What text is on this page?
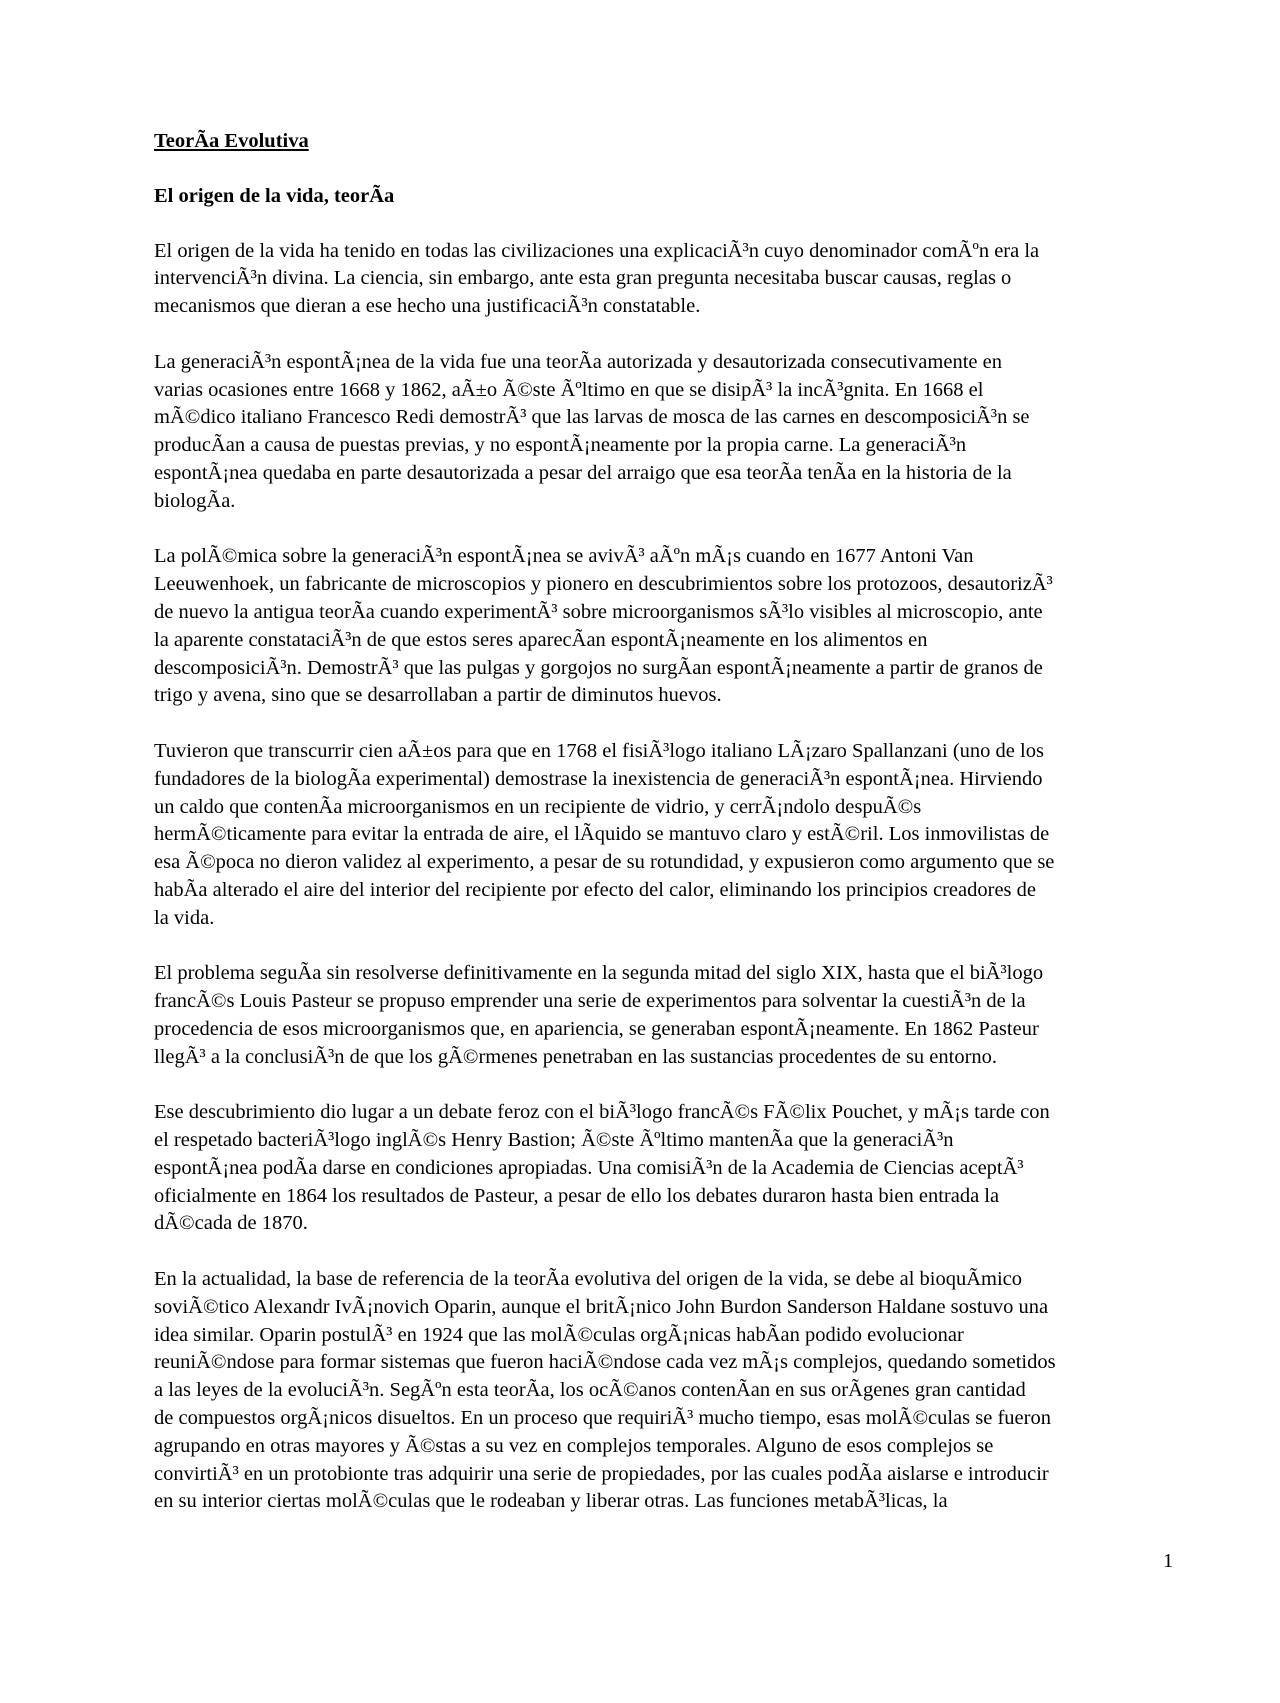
TeorÃa Evolutiva
El origen de la vida, teorÃa
El origen de la vida ha tenido en todas las civilizaciones una explicaciÃ³n cuyo denominador comÃºn era la
intervenciÃ³n divina. La ciencia, sin embargo, ante esta gran pregunta necesitaba buscar causas, reglas o
mecanismos que dieran a ese hecho una justificaciÃ³n constatable.
La generaciÃ³n espontÃ¡nea de la vida fue una teorÃa autorizada y desautorizada consecutivamente en
varias ocasiones entre 1668 y 1862, aÃ±o Ã©ste Ãºltimo en que se disipÃ³ la incÃ³gnita. En 1668 el
mÃ©dico italiano Francesco Redi demostrÃ³ que las larvas de mosca de las carnes en descomposiciÃ³n se
producÃan a causa de puestas previas, y no espontÃ¡neamente por la propia carne. La generaciÃ³n
espontÃ¡nea quedaba en parte desautorizada a pesar del arraigo que esa teorÃa tenÃa en la historia de la
biologÃa.
La polÃ©mica sobre la generaciÃ³n espontÃ¡nea se avivÃ³ aÃºn mÃ¡s cuando en 1677 Antoni Van
Leeuwenhoek, un fabricante de microscopios y pionero en descubrimientos sobre los protozoos, desautorizÃ³
de nuevo la antigua teorÃa cuando experimentÃ³ sobre microorganismos sÃ³lo visibles al microscopio, ante
la aparente constataciÃ³n de que estos seres aparecÃan espontÃ¡neamente en los alimentos en
descomposiciÃ³n. DemostrÃ³ que las pulgas y gorgojos no surgÃan espontÃ¡neamente a partir de granos de
trigo y avena, sino que se desarrollaban a partir de diminutos huevos.
Tuvieron que transcurrir cien aÃ±os para que en 1768 el fisiÃ³logo italiano LÃ¡zaro Spallanzani (uno de los
fundadores de la biologÃa experimental) demostrase la inexistencia de generaciÃ³n espontÃ¡nea. Hirviendo
un caldo que contenÃa microorganismos en un recipiente de vidrio, y cerrÃ¡ndolo despuÃ©s
hermÃ©ticamente para evitar la entrada de aire, el lÃquido se mantuvo claro y estÃ©ril. Los inmovilistas de
esa Ã©poca no dieron validez al experimento, a pesar de su rotundidad, y expusieron como argumento que se
habÃa alterado el aire del interior del recipiente por efecto del calor, eliminando los principios creadores de
la vida.
El problema seguÃa sin resolverse definitivamente en la segunda mitad del siglo XIX, hasta que el biÃ³logo
francÃ©s Louis Pasteur se propuso emprender una serie de experimentos para solventar la cuestiÃ³n de la
procedencia de esos microorganismos que, en apariencia, se generaban espontÃ¡neamente. En 1862 Pasteur
llegÃ³ a la conclusiÃ³n de que los gÃ©rmenes penetraban en las sustancias procedentes de su entorno.
Ese descubrimiento dio lugar a un debate feroz con el biÃ³logo francÃ©s FÃ©lix Pouchet, y mÃ¡s tarde con
el respetado bacteriÃ³logo inglÃ©s Henry Bastion; Ã©ste Ãºltimo mantenÃa que la generaciÃ³n
espontÃ¡nea podÃa darse en condiciones apropiadas. Una comisiÃ³n de la Academia de Ciencias aceptÃ³
oficialmente en 1864 los resultados de Pasteur, a pesar de ello los debates duraron hasta bien entrada la
dÃ©cada de 1870.
En la actualidad, la base de referencia de la teorÃa evolutiva del origen de la vida, se debe al bioquÃmico
soviÃ©tico Alexandr IvÃ¡novich Oparin, aunque el britÃ¡nico John Burdon Sanderson Haldane sostuvo una
idea similar. Oparin postulÃ³ en 1924 que las molÃ©culas orgÃ¡nicas habÃan podido evolucionar
reuniÃ©ndose para formar sistemas que fueron haciÃ©ndose cada vez mÃ¡s complejos, quedando sometidos
a las leyes de la evoluciÃ³n. SegÃºn esta teorÃa, los ocÃ©anos contenÃan en sus orÃgenes gran cantidad
de compuestos orgÃ¡nicos disueltos. En un proceso que requiriÃ³ mucho tiempo, esas molÃ©culas se fueron
agrupando en otras mayores y Ã©stas a su vez en complejos temporales. Alguno de esos complejos se
convirtiÃ³ en un protobionte tras adquirir una serie de propiedades, por las cuales podÃa aislarse e introducir
en su interior ciertas molÃ©culas que le rodeaban y liberar otras. Las funciones metabÃ³licas, la
1
